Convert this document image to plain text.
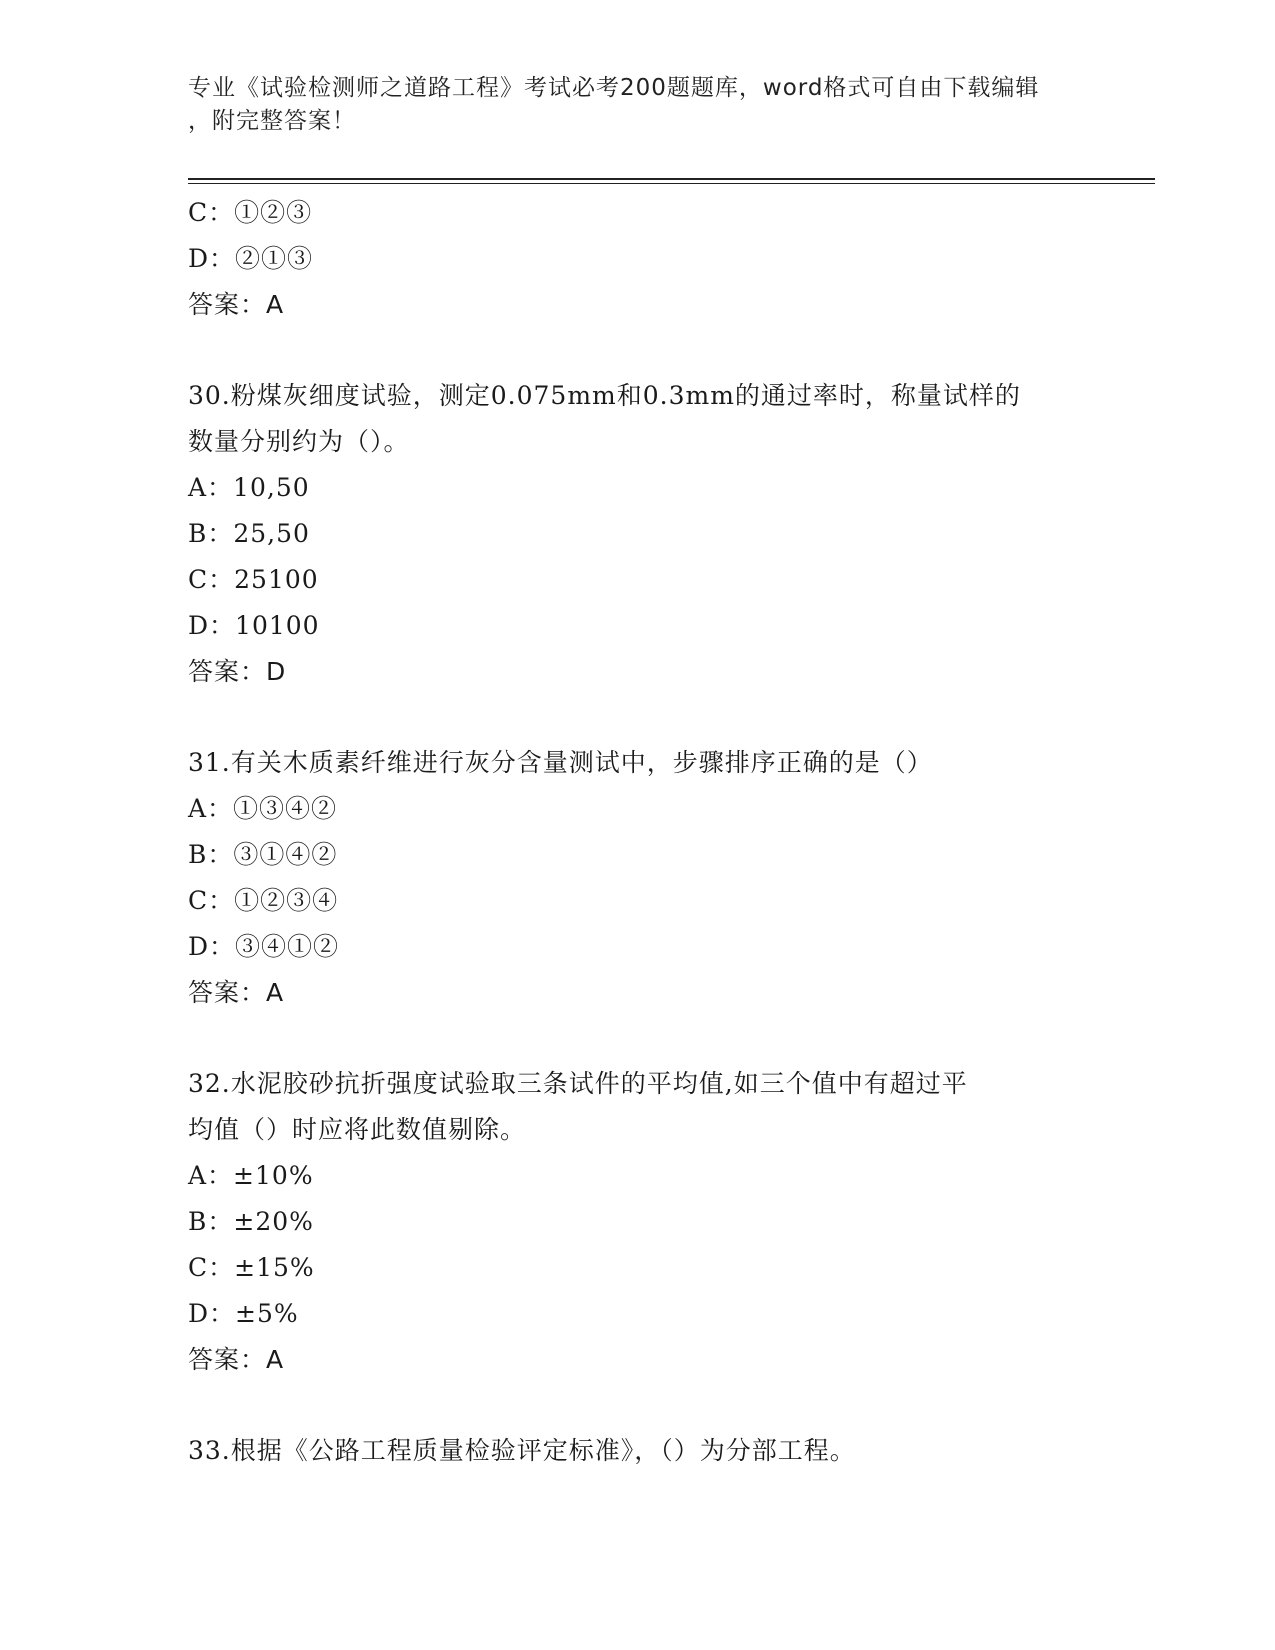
专业《试验检测师之道路工程》考试必考200题题库，word格式可自由下载编辑
，附完整答案！
C：①②③
D：②①③
答案：A
30.粉煤灰细度试验，测定0.075mm和0.3mm的通过率时，称量试样的
数量分别约为（）。
A：10,50
B：25,50
C：25100
D：10100
答案：D
31.有关木质素纤维进行灰分含量测试中，步骤排序正确的是（）
A：①③④②
B：③①④②
C：①②③④
D：③④①②
答案：A
32.水泥胶砂抗折强度试验取三条试件的平均值,如三个值中有超过平
均值（）时应将此数值剔除。
A：±10%
B：±20%
C：±15%
D：±5%
答案：A
33.根据《公路工程质量检验评定标准》，（）为分部工程。
